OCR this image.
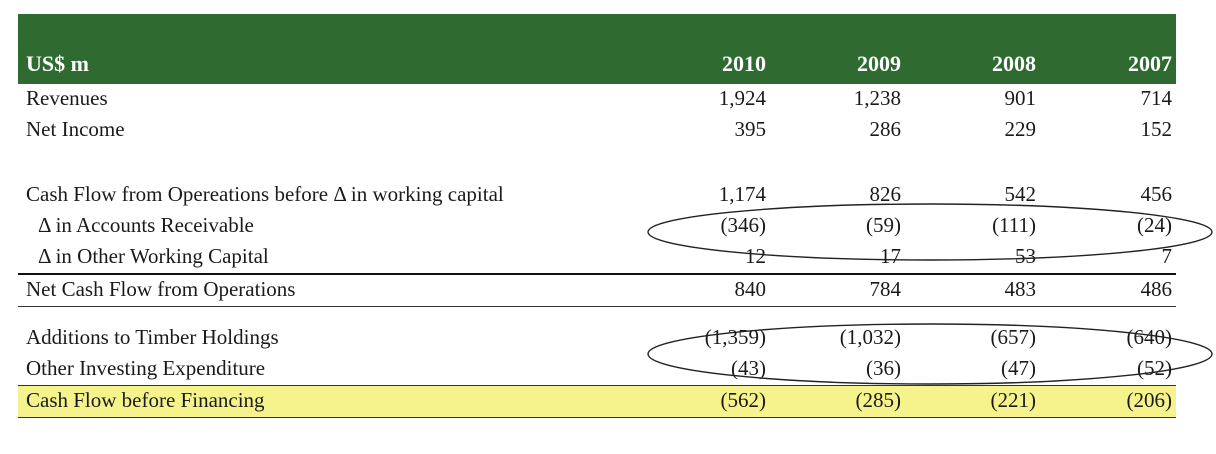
US$ m	2010	2009	2008	2007
Revenues	1,924	1,238	901	714
Net Income	395	286	229	152
Cash Flow from Opereations before Δ in working capital	1,174	826	542	456
Δ in Accounts Receivable	(346)	(59)	(111)	(24)
Δ in Other Working Capital	12	17	53	7
Net Cash Flow from Operations	840	784	483	486
Additions to Timber Holdings	(1,359)	(1,032)	(657)	(640)
Other Investing Expenditure	(43)	(36)	(47)	(52)
Cash Flow before Financing	(562)	(285)	(221)	(206)
